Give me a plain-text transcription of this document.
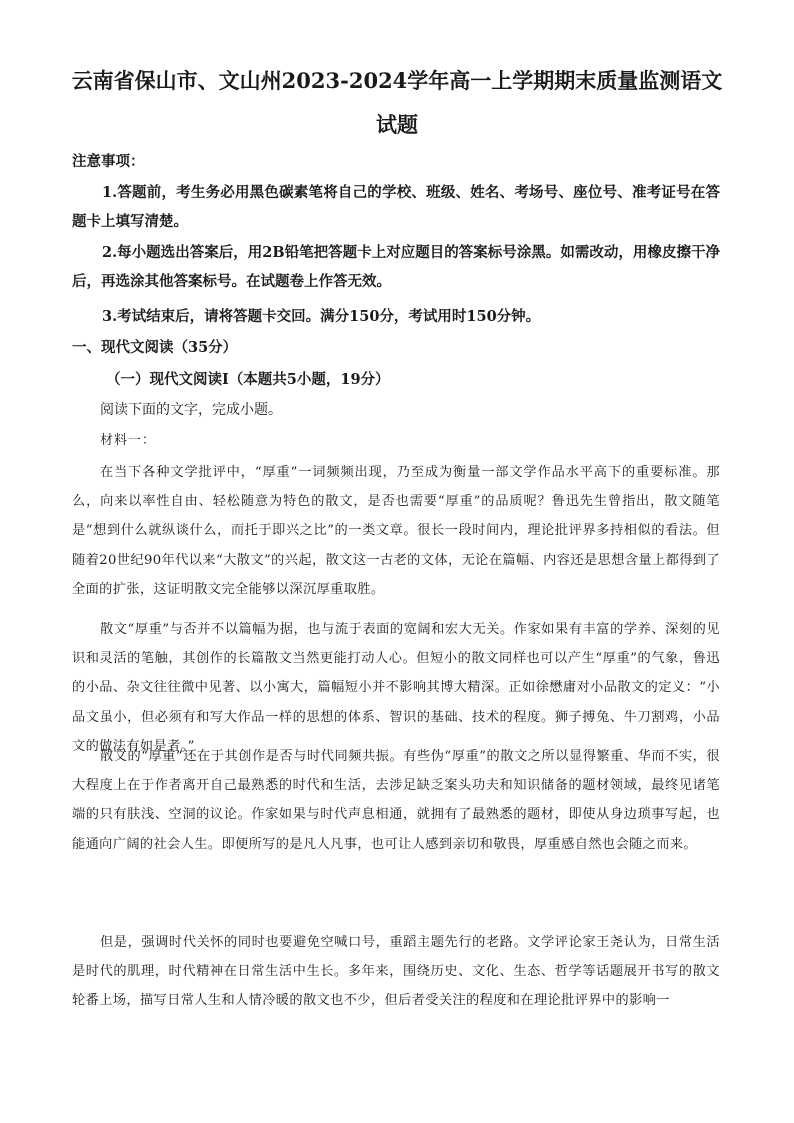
云南省保山市、文山州2023-2024学年高一上学期期末质量监测语文
试题
注意事项：
1.答题前，考生务必用黑色碳素笔将自己的学校、班级、姓名、考场号、座位号、准考证号在答题卡上填写清楚。
2.每小题选出答案后，用2B铅笔把答题卡上对应题目的答案标号涂黑。如需改动，用橡皮擦干净后，再选涂其他答案标号。在试题卷上作答无效。
3.考试结束后，请将答题卡交回。满分150分，考试用时150分钟。
一、现代文阅读（35分）
（一）现代文阅读Ⅰ（本题共5小题，19分）
阅读下面的文字，完成小题。
材料一：
在当下各种文学批评中，“厚重”一词频频出现，乃至成为衡量一部文学作品水平高下的重要标准。那么，向来以率性自由、轻松随意为特色的散文，是否也需要“厚重”的品质呢？鲁迅先生曾指出，散文随笔是“想到什么就纵谈什么，而托于即兴之比”的一类文章。很长一段时间内，理论批评界多持相似的看法。但随着20世纪90年代以来“大散文”的兴起，散文这一古老的文体，无论在篇幅、内容还是思想含量上都得到了全面的扩张，这证明散文完全能够以深沉厚重取胜。
散文“厚重”与否并不以篇幅为据，也与流于表面的宽阔和宏大无关。作家如果有丰富的学养、深刻的见识和灵活的笔触，其创作的长篇散文当然更能打动人心。但短小的散文同样也可以产生“厚重”的气象，鲁迅的小品、杂文往往微中见著、以小寓大，篇幅短小并不影响其博大精深。正如徐懋庸对小品散文的定义：“小品文虽小，但必须有和写大作品一样的思想的体系、智识的基础、技术的程度。狮子搏兔、牛刀割鸡，小品文的做法有如是者。”
散文的“厚重”还在于其创作是否与时代同频共振。有些伪“厚重”的散文之所以显得繁重、华而不实，很大程度上在于作者离开自己最熟悉的时代和生活，去涉足缺乏案头功夫和知识储备的题材领域，最终见诸笔端的只有肤浅、空洞的议论。作家如果与时代声息相通，就拥有了最熟悉的题材，即使从身边琐事写起，也能通向广阔的社会人生。即便所写的是凡人凡事，也可让人感到亲切和敬畏，厚重感自然也会随之而来。
但是，强调时代关怀的同时也要避免空喊口号，重蹈主题先行的老路。文学评论家王尧认为，日常生活是时代的肌理，时代精神在日常生活中生长。多年来，围绕历史、文化、生态、哲学等话题展开书写的散文轮番上场，描写日常人生和人情冷暖的散文也不少，但后者受关注的程度和在理论批评界中的影响一
